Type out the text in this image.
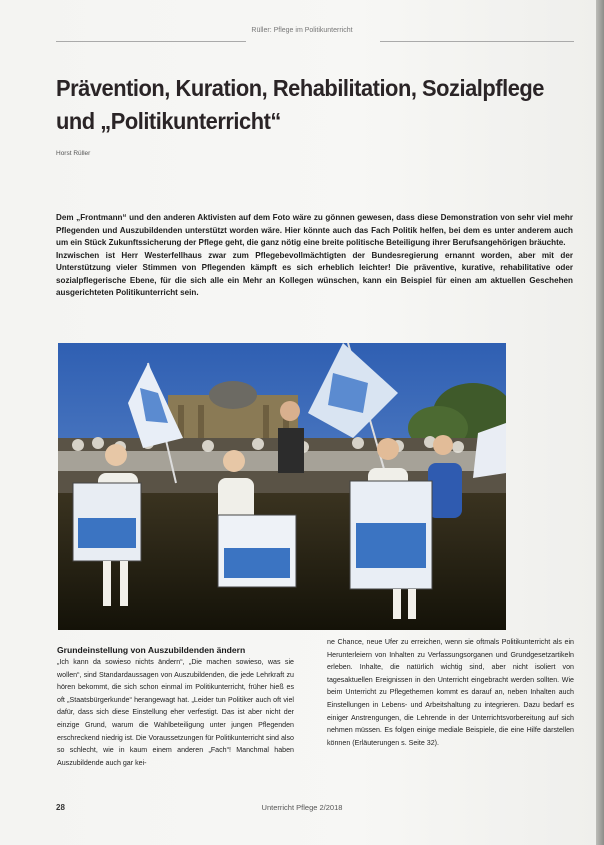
Rüller: Pflege im Politikunterricht
Prävention, Kuration, Rehabilitation, Sozialpflege
und „Politikunterricht“
Horst Rüller

Dem „Frontmann“ und den anderen Aktivisten auf dem Foto wäre zu gönnen gewesen, dass diese Demonstration von sehr viel mehr Pflegenden und Auszubildenden unterstützt worden wäre. Hier könnte auch das Fach Politik helfen, bei dem es unter anderem auch um ein Stück Zukunftssicherung der Pflege geht, die ganz nötig eine breite politische Beteiligung ihrer Berufsangehörigen bräuchte.

Inzwischen ist Herr Westerfellhaus zwar zum Pflegebevollmächtigten der Bundesregierung ernannt worden, aber mit der Unterstützung vieler Stimmen von Pflegenden kämpft es sich erheblich leichter! Die präventive, kurative, rehabilitative oder sozialpflegerische Ebene, für die sich alle ein Mehr an Kollegen wünschen, kann ein Beispiel für einen am aktuellen Geschehen ausgerichteten Politikunterricht sein.

Grundeinstellung von Auszubildenden ändern

„Ich kann da sowieso nichts ändern“, „Die machen sowieso, was sie wollen“, sind Standardaussagen von Auszubildenden, die jede Lehrkraft zu hören bekommt, die sich schon einmal im Politikunterricht, früher hieß es oft „Staatsbürgerkunde“ herangewagt hat. „Leider tun Politiker auch oft viel dafür, dass sich diese Einstellung eher verfestigt. Das ist aber nicht der einzige Grund, warum die Wahlbeteiligung unter jungen Pflegenden erschreckend niedrig ist. Die Voraussetzungen für Politikunterricht sind also so schlecht, wie in kaum einem anderen „Fach“! Manchmal haben Auszubildende auch gar kei-

ne Chance, neue Ufer zu erreichen, wenn sie oftmals Politikunterricht als ein Herunterleiern von Inhalten zu Verfassungsorganen und Grundgesetzartikeln erleben. Inhalte, die natürlich wichtig sind, aber nicht isoliert von tagesaktuellen Ereignissen in den Unterricht eingebracht werden sollten. Wie beim Unterricht zu Pflegethemen kommt es darauf an, neben Inhalten auch Einstellungen in Lebens- und Arbeitshaltung zu integrieren. Dazu bedarf es einiger Anstrengungen, die Lehrende in der Unterrichtsvorbereitung auf sich nehmen müssen. Es folgen einige mediale Beispiele, die eine Hilfe darstellen können (Erläuterungen s. Seite 32).

28	Unterricht Pflege 2/2018
